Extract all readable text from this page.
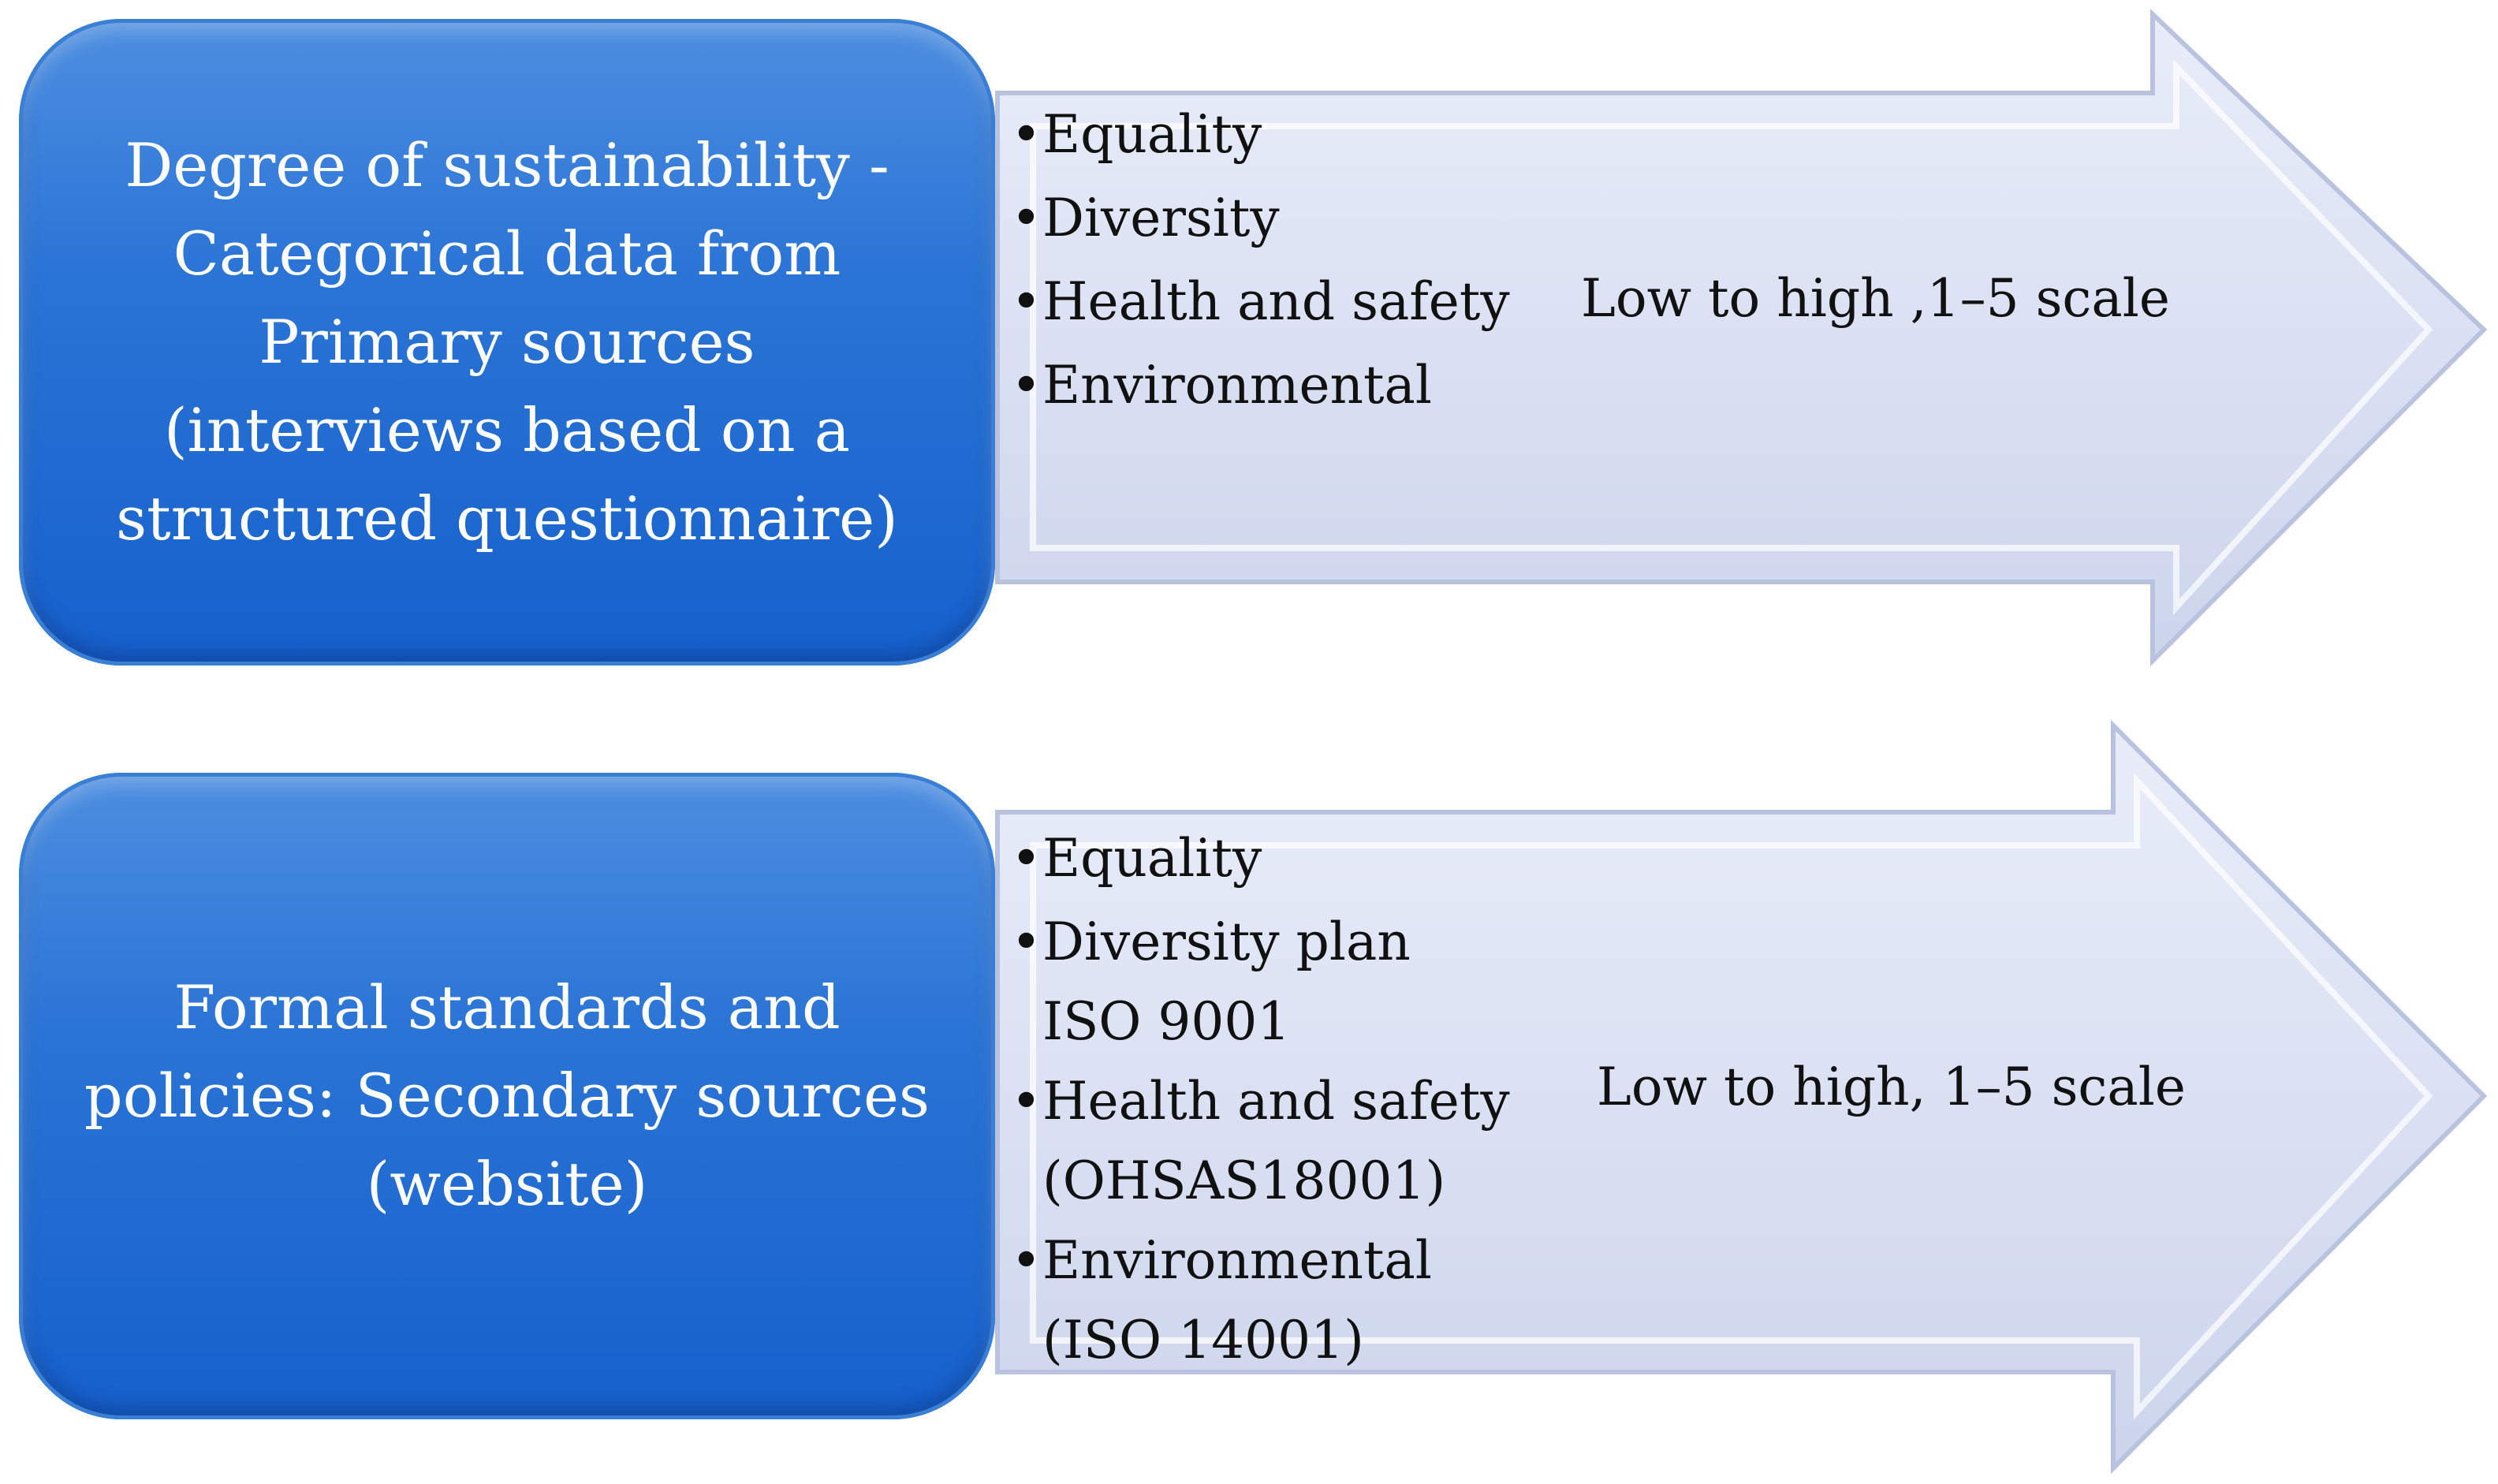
Degree of sustainability -
Categorical data from
Primary sources
(interviews based on a
structured questionnaire)
•Equality
•Diversity
•Health and safety
•Environmental
Low to high ,1–5 scale
Formal standards and
policies: Secondary sources
(website)
•Equality
•Diversity plan
ISO 9001
•Health and safety
(OHSAS18001)
•Environmental
(ISO 14001)
Low to high, 1–5 scale
